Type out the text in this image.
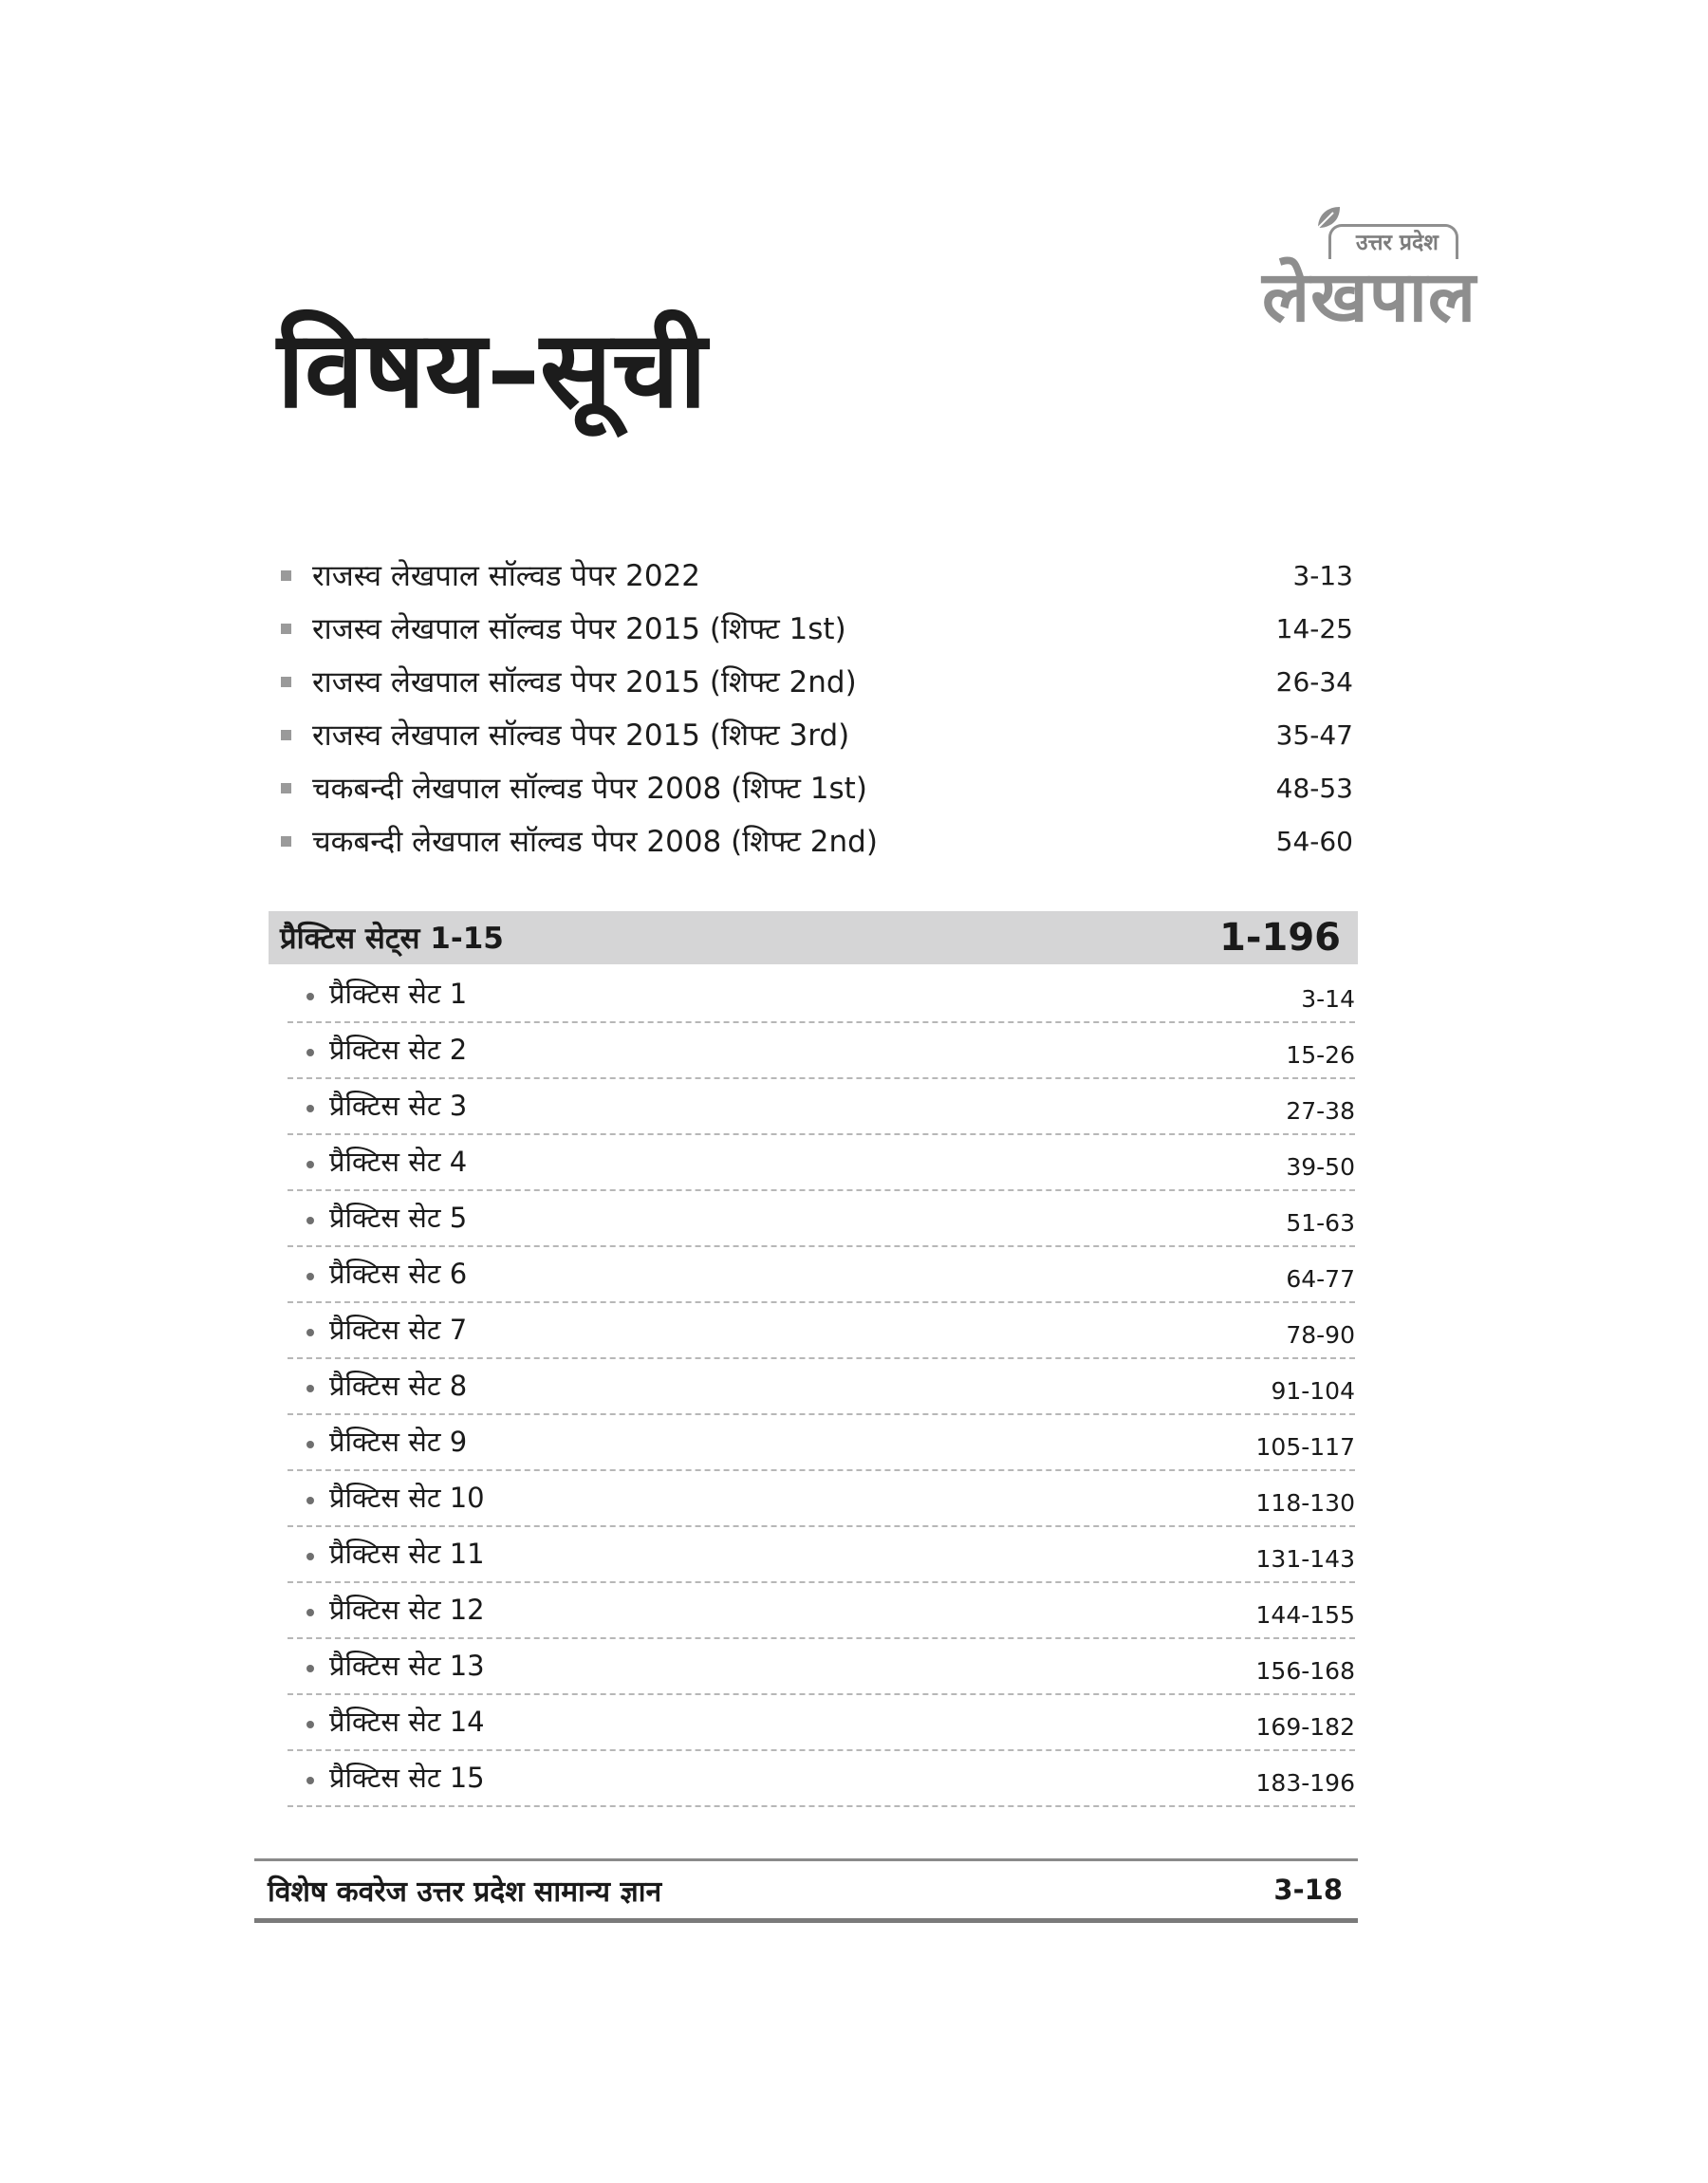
उत्तर प्रदेश
लेखपाल
विषय–सूची
राजस्व लेखपाल सॉल्वड पेपर 2022	3-13
राजस्व लेखपाल सॉल्वड पेपर 2015 (शिफ्ट 1st)	14-25
राजस्व लेखपाल सॉल्वड पेपर 2015 (शिफ्ट 2nd)	26-34
राजस्व लेखपाल सॉल्वड पेपर 2015 (शिफ्ट 3rd)	35-47
चकबन्दी लेखपाल सॉल्वड पेपर 2008 (शिफ्ट 1st)	48-53
चकबन्दी लेखपाल सॉल्वड पेपर 2008 (शिफ्ट 2nd)	54-60
प्रैक्टिस सेट्स 1-15	1-196
प्रैक्टिस सेट 1	3-14
प्रैक्टिस सेट 2	15-26
प्रैक्टिस सेट 3	27-38
प्रैक्टिस सेट 4	39-50
प्रैक्टिस सेट 5	51-63
प्रैक्टिस सेट 6	64-77
प्रैक्टिस सेट 7	78-90
प्रैक्टिस सेट 8	91-104
प्रैक्टिस सेट 9	105-117
प्रैक्टिस सेट 10	118-130
प्रैक्टिस सेट 11	131-143
प्रैक्टिस सेट 12	144-155
प्रैक्टिस सेट 13	156-168
प्रैक्टिस सेट 14	169-182
प्रैक्टिस सेट 15	183-196
विशेष कवरेज उत्तर प्रदेश सामान्य ज्ञान	3-18
